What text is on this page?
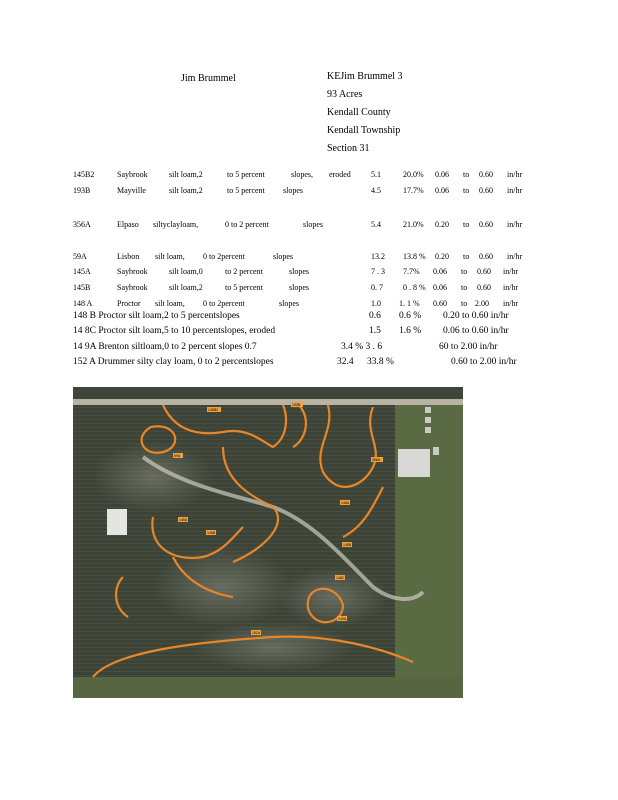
Jim Brummel	KEJim Brummel 3
93 Acres
Kendall County
Kendall Township
Section 31
145B2	Saybrook	silt loam,2	to 5 percent	slopes, eroded	5.1	20.0% 0.06 to 0.60 in/hr
193B	Mayville	silt loam,2	to 5 percent slopes	4.5	17.7% 0.06 to 0.60 in/hr
356A	Elpaso siltyclayloam,	0 to 2 percent	slopes	5.4	21.0% 0.20 to 0.60 in/hr
59A	Lisbon silt loam, 0 to 2percent	slopes	13.2 13.8 % 0.20 to 0.60 in/hr
145A	Saybrook	silt loam,0	to 2 percent	slopes	7 . 3 7.7% 0.06 to 0.60 in/hr
145B	Saybrook	silt loam,2	to 5 percent	slopes	0. 7	0 . 8 % 0.06 to 0.60 in/hr
148 A	Proctor silt loam, 0 to 2percent	slopes	1.0 1. 1 % 0.60 to 2.00 in/hr
148 B Proctor silt loam,2 to 5 percentslopes	0.6 0.6 % 0.20 to 0.60 in/hr
14 8C Proctor silt loam,5 to 10 percentslopes, eroded	1.5 1.6 % 0.06 to 0.60 in/hr
14 9A Brenton siltloam,0 to 2 percent slopes 0.7	3.4 % 3 . 6	60 to 2.00 in/hr
152 A Drummer silty clay loam, 0 to 2 percentslopes	32.4 33.8 %	0.60 to 2.00 in/hr
145B2
193B
356A
59A
145A
145B
148A
148B
148C
149A
152A
